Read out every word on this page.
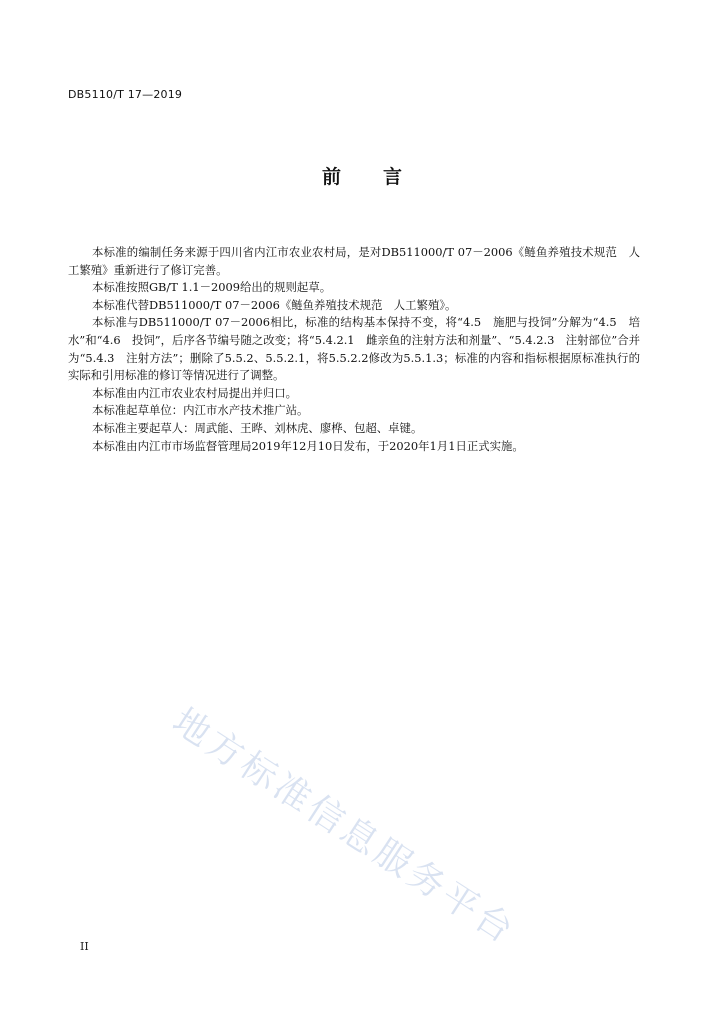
DB5110/T 17—2019
前 言

本标准的编制任务来源于四川省内江市农业农村局，是对DB511000/T 07－2006《鲢鱼养殖技术规范　人工繁殖》重新进行了修订完善。

本标准按照GB/T 1.1－2009给出的规则起草。

本标准代替DB511000/T 07－2006《鲢鱼养殖技术规范　人工繁殖》。

本标准与DB511000/T 07－2006相比，标准的结构基本保持不变，将“4.5　施肥与投饲”分解为“4.5　培水”和“4.6　投饲”，后序各节编号随之改变；将“5.4.2.1　雌亲鱼的注射方法和剂量”、“5.4.2.3　注射部位”合并为“5.4.3　注射方法”；删除了5.5.2、5.5.2.1，将5.5.2.2修改为5.5.1.3；标准的内容和指标根据原标准执行的实际和引用标准的修订等情况进行了调整。

本标准由内江市农业农村局提出并归口。

本标准起草单位：内江市水产技术推广站。

本标准主要起草人：周武能、王晔、刘林虎、廖桦、包超、卓键。

本标准由内江市市场监督管理局2019年12月10日发布，于2020年1月1日正式实施。

地方标准信息服务平台
II
